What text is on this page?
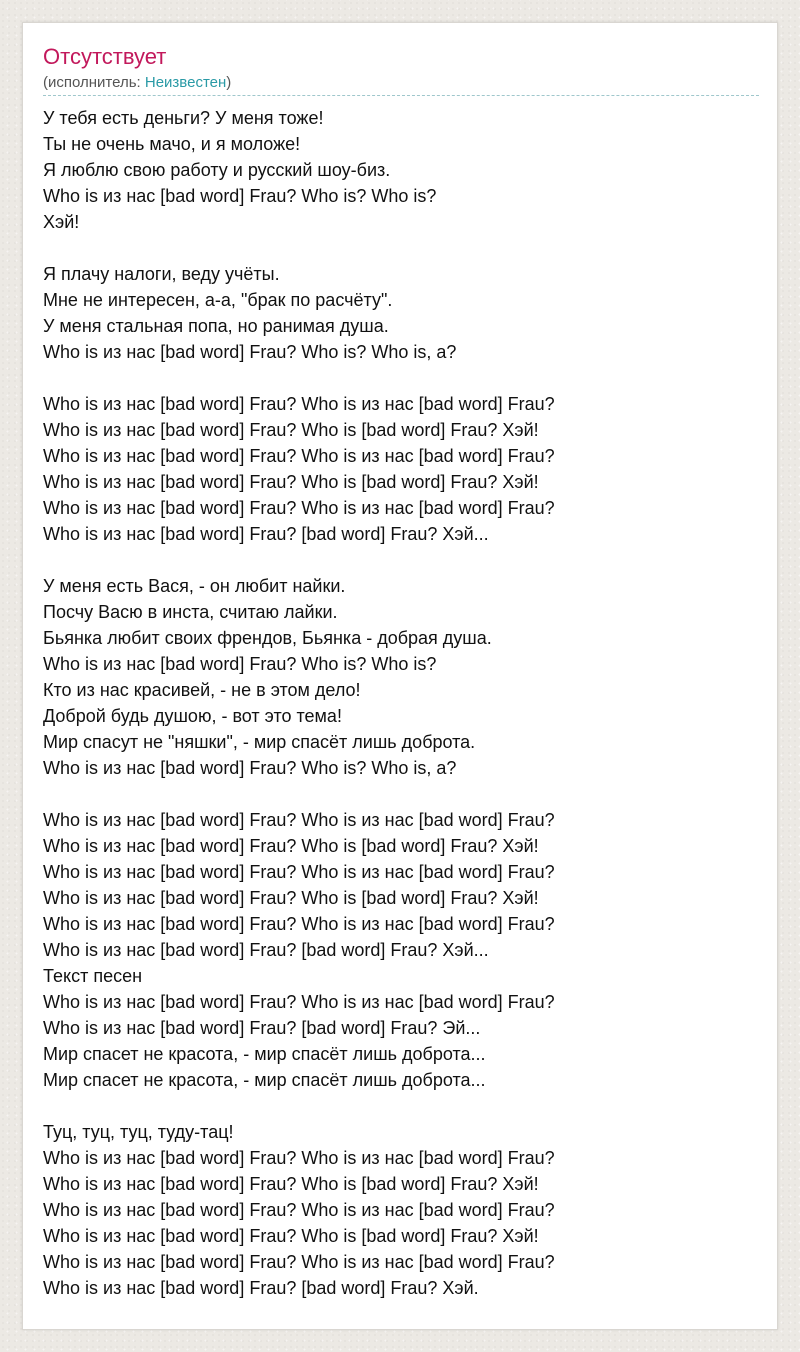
Отсутствует
(исполнитель: Неизвестен)
У тебя есть деньги? У меня тоже!
Ты не очень мачо, и я моложе!
Я люблю свою работу и русский шоу-биз.
Who is из нас [bad word] Frau? Who is? Who is?
Хэй!
Я плачу налоги, веду учёты.
Мне не интересен, а-а, "брак по расчёту".
У меня стальная попа, но ранимая душа.
Who is из нас [bad word] Frau? Who is? Who is, а?
Who is из нас [bad word] Frau? Who is из нас [bad word] Frau?
Who is из нас [bad word] Frau? Who is [bad word] Frau? Хэй!
Who is из нас [bad word] Frau? Who is из нас [bad word] Frau?
Who is из нас [bad word] Frau? Who is [bad word] Frau? Хэй!
Who is из нас [bad word] Frau? Who is из нас [bad word] Frau?
Who is из нас [bad word] Frau? [bad word] Frau? Хэй...
У меня есть Вася, - он любит найки.
Посчу Васю в инста, считаю лайки.
Бьянка любит своих френдов, Бьянка - добрая душа.
Who is из нас [bad word] Frau? Who is? Who is?
Кто из нас красивей, - не в этом дело!
Доброй будь душою, - вот это тема!
Мир спасут не "няшки", - мир спасёт лишь доброта.
Who is из нас [bad word] Frau? Who is? Who is, а?
Who is из нас [bad word] Frau? Who is из нас [bad word] Frau?
Who is из нас [bad word] Frau? Who is [bad word] Frau? Хэй!
Who is из нас [bad word] Frau? Who is из нас [bad word] Frau?
Who is из нас [bad word] Frau? Who is [bad word] Frau? Хэй!
Who is из нас [bad word] Frau? Who is из нас [bad word] Frau?
Who is из нас [bad word] Frau? [bad word] Frau? Хэй...
Текст песен
Who is из нас [bad word] Frau? Who is из нас [bad word] Frau?
Who is из нас [bad word] Frau? [bad word] Frau? Эй...
Мир спасет не красота, - мир спасёт лишь доброта...
Мир спасет не красота, - мир спасёт лишь доброта...
Туц, туц, туц, туду-тац!
Who is из нас [bad word] Frau? Who is из нас [bad word] Frau?
Who is из нас [bad word] Frau? Who is [bad word] Frau? Хэй!
Who is из нас [bad word] Frau? Who is из нас [bad word] Frau?
Who is из нас [bad word] Frau? Who is [bad word] Frau? Хэй!
Who is из нас [bad word] Frau? Who is из нас [bad word] Frau?
Who is из нас [bad word] Frau? [bad word] Frau? Хэй.
